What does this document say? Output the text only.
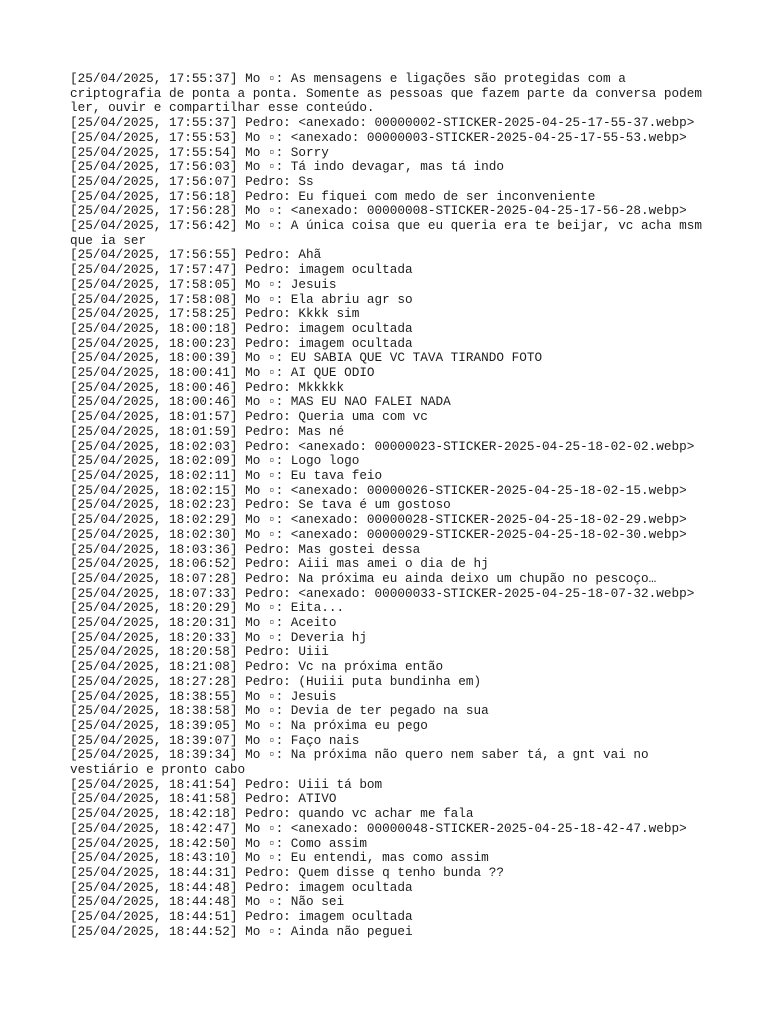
[25/04/2025, 17:55:37] Mo ▫: As mensagens e ligações são protegidas com a criptografia de ponta a ponta. Somente as pessoas que fazem parte da conversa podem ler, ouvir e compartilhar esse conteúdo.
[25/04/2025, 17:55:37] Pedro: <anexado: 00000002-STICKER-2025-04-25-17-55-37.webp>
[25/04/2025, 17:55:53] Mo ▫: <anexado: 00000003-STICKER-2025-04-25-17-55-53.webp>
[25/04/2025, 17:55:54] Mo ▫: Sorry
[25/04/2025, 17:56:03] Mo ▫: Tá indo devagar, mas tá indo
[25/04/2025, 17:56:07] Pedro: Ss
[25/04/2025, 17:56:18] Pedro: Eu fiquei com medo de ser inconveniente
[25/04/2025, 17:56:28] Mo ▫: <anexado: 00000008-STICKER-2025-04-25-17-56-28.webp>
[25/04/2025, 17:56:42] Mo ▫: A única coisa que eu queria era te beijar, vc acha msm que ia ser
[25/04/2025, 17:56:55] Pedro: Ahã
[25/04/2025, 17:57:47] Pedro: imagem ocultada
[25/04/2025, 17:58:05] Mo ▫: Jesuis
[25/04/2025, 17:58:08] Mo ▫: Ela abriu agr so
[25/04/2025, 17:58:25] Pedro: Kkkk sim
[25/04/2025, 18:00:18] Pedro: imagem ocultada
[25/04/2025, 18:00:23] Pedro: imagem ocultada
[25/04/2025, 18:00:39] Mo ▫: EU SABIA QUE VC TAVA TIRANDO FOTO
[25/04/2025, 18:00:41] Mo ▫: AI QUE ODIO
[25/04/2025, 18:00:46] Pedro: Mkkkkk
[25/04/2025, 18:00:46] Mo ▫: MAS EU NAO FALEI NADA
[25/04/2025, 18:01:57] Pedro: Queria uma com vc
[25/04/2025, 18:01:59] Pedro: Mas né
[25/04/2025, 18:02:03] Pedro: <anexado: 00000023-STICKER-2025-04-25-18-02-02.webp>
[25/04/2025, 18:02:09] Mo ▫: Logo logo
[25/04/2025, 18:02:11] Mo ▫: Eu tava feio
[25/04/2025, 18:02:15] Mo ▫: <anexado: 00000026-STICKER-2025-04-25-18-02-15.webp>
[25/04/2025, 18:02:23] Pedro: Se tava é um gostoso
[25/04/2025, 18:02:29] Mo ▫: <anexado: 00000028-STICKER-2025-04-25-18-02-29.webp>
[25/04/2025, 18:02:30] Mo ▫: <anexado: 00000029-STICKER-2025-04-25-18-02-30.webp>
[25/04/2025, 18:03:36] Pedro: Mas gostei dessa
[25/04/2025, 18:06:52] Pedro: Aiii mas amei o dia de hj
[25/04/2025, 18:07:28] Pedro: Na próxima eu ainda deixo um chupão no pescoço…
[25/04/2025, 18:07:33] Pedro: <anexado: 00000033-STICKER-2025-04-25-18-07-32.webp>
[25/04/2025, 18:20:29] Mo ▫: Eita...
[25/04/2025, 18:20:31] Mo ▫: Aceito
[25/04/2025, 18:20:33] Mo ▫: Deveria hj
[25/04/2025, 18:20:58] Pedro: Uiii
[25/04/2025, 18:21:08] Pedro: Vc na próxima então
[25/04/2025, 18:27:28] Pedro: (Huiii puta bundinha em)
[25/04/2025, 18:38:55] Mo ▫: Jesuis
[25/04/2025, 18:38:58] Mo ▫: Devia de ter pegado na sua
[25/04/2025, 18:39:05] Mo ▫: Na próxima eu pego
[25/04/2025, 18:39:07] Mo ▫: Faço nais
[25/04/2025, 18:39:34] Mo ▫: Na próxima não quero nem saber tá, a gnt vai no vestiário e pronto cabo
[25/04/2025, 18:41:54] Pedro: Uiii tá bom
[25/04/2025, 18:41:58] Pedro: ATIVO
[25/04/2025, 18:42:18] Pedro: quando vc achar me fala
[25/04/2025, 18:42:47] Mo ▫: <anexado: 00000048-STICKER-2025-04-25-18-42-47.webp>
[25/04/2025, 18:42:50] Mo ▫: Como assim
[25/04/2025, 18:43:10] Mo ▫: Eu entendi, mas como assim
[25/04/2025, 18:44:31] Pedro: Quem disse q tenho bunda ??
[25/04/2025, 18:44:48] Pedro: imagem ocultada
[25/04/2025, 18:44:48] Mo ▫: Não sei
[25/04/2025, 18:44:51] Pedro: imagem ocultada
[25/04/2025, 18:44:52] Mo ▫: Ainda não peguei
